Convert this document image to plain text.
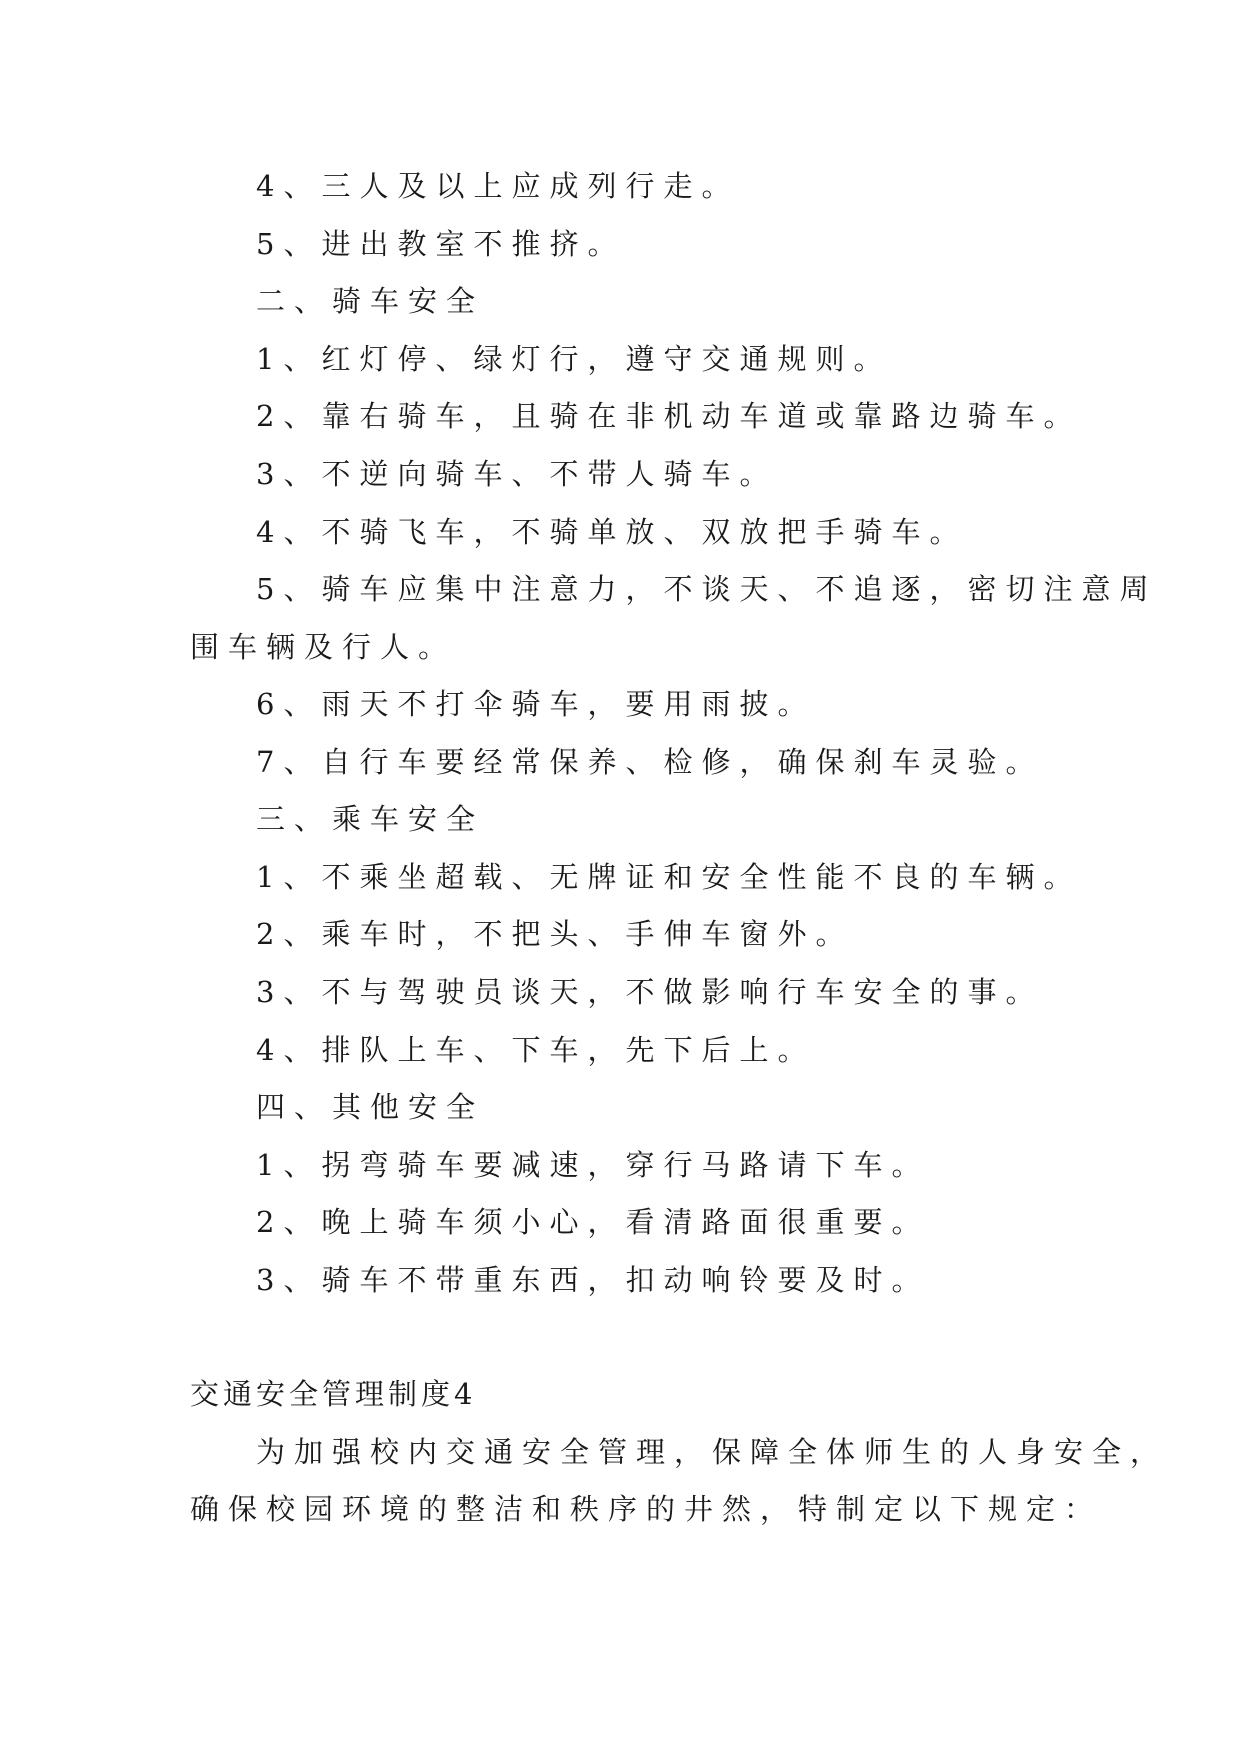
4、三人及以上应成列行走。
5、进出教室不推挤。
二、骑车安全
1、红灯停、绿灯行，遵守交通规则。
2、靠右骑车，且骑在非机动车道或靠路边骑车。
3、不逆向骑车、不带人骑车。
4、不骑飞车，不骑单放、双放把手骑车。
5、骑车应集中注意力，不谈天、不追逐，密切注意周
围车辆及行人。
6、雨天不打伞骑车，要用雨披。
7、自行车要经常保养、检修，确保刹车灵验。
三、乘车安全
1、不乘坐超载、无牌证和安全性能不良的车辆。
2、乘车时，不把头、手伸车窗外。
3、不与驾驶员谈天，不做影响行车安全的事。
4、排队上车、下车，先下后上。
四、其他安全
1、拐弯骑车要减速，穿行马路请下车。
2、晚上骑车须小心，看清路面很重要。
3、骑车不带重东西，扣动响铃要及时。
交通安全管理制度4
为加强校内交通安全管理，保障全体师生的人身安全，
确保校园环境的整洁和秩序的井然，特制定以下规定：
